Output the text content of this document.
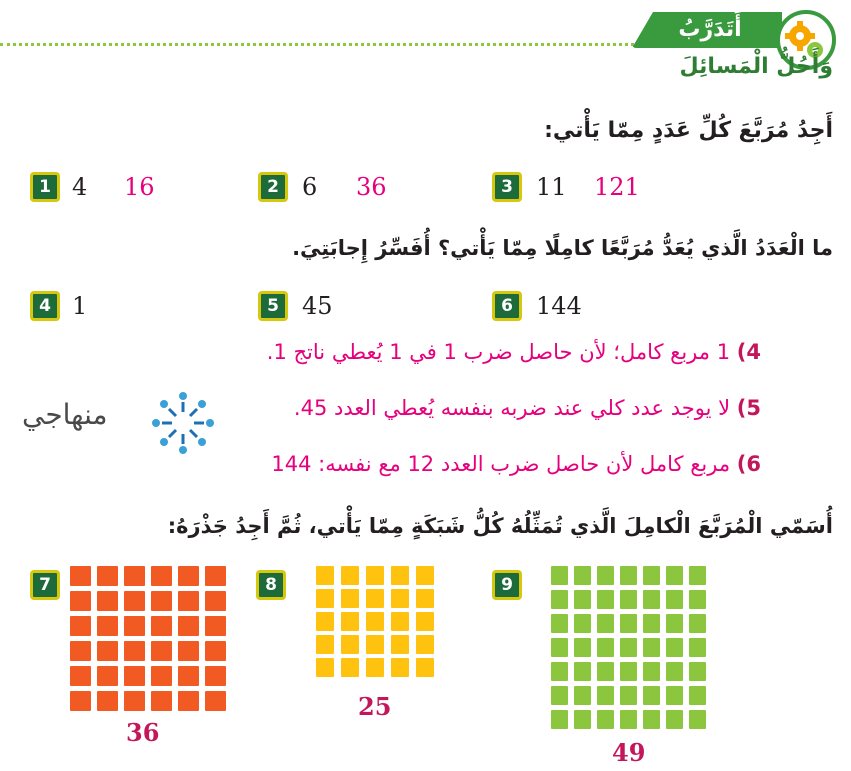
أَتَدَرَّبُ
وَأَحُلُّ الْمَسائِلَ
أَجِدُ مُرَبَّعَ كُلِّ عَدَدٍ مِمّا يَأْتي:
1 4 16	2 6 36	3 11 121
ما الْعَدَدُ الَّذي يُعَدُّ مُرَبَّعًا كامِلًا مِمّا يَأْتي؟ أُفَسِّرُ إِجابَتِيَ.
4 1	5 45	6 144
4) 1 مربع كامل؛ لأن حاصل ضرب 1 في 1 يُعطي ناتج 1.
5) لا يوجد عدد كلي عند ضربه بنفسه يُعطي العدد 45.
6) مربع كامل لأن حاصل ضرب العدد 12 مع نفسه: 144
منهاجي
أُسَمّي الْمُرَبَّعَ الْكامِلَ الَّذي تُمَثِّلُهُ كُلُّ شَبَكَةٍ مِمّا يَأْتي، ثُمَّ أَجِدُ جَذْرَهُ:
7
36
8
25
9
49
